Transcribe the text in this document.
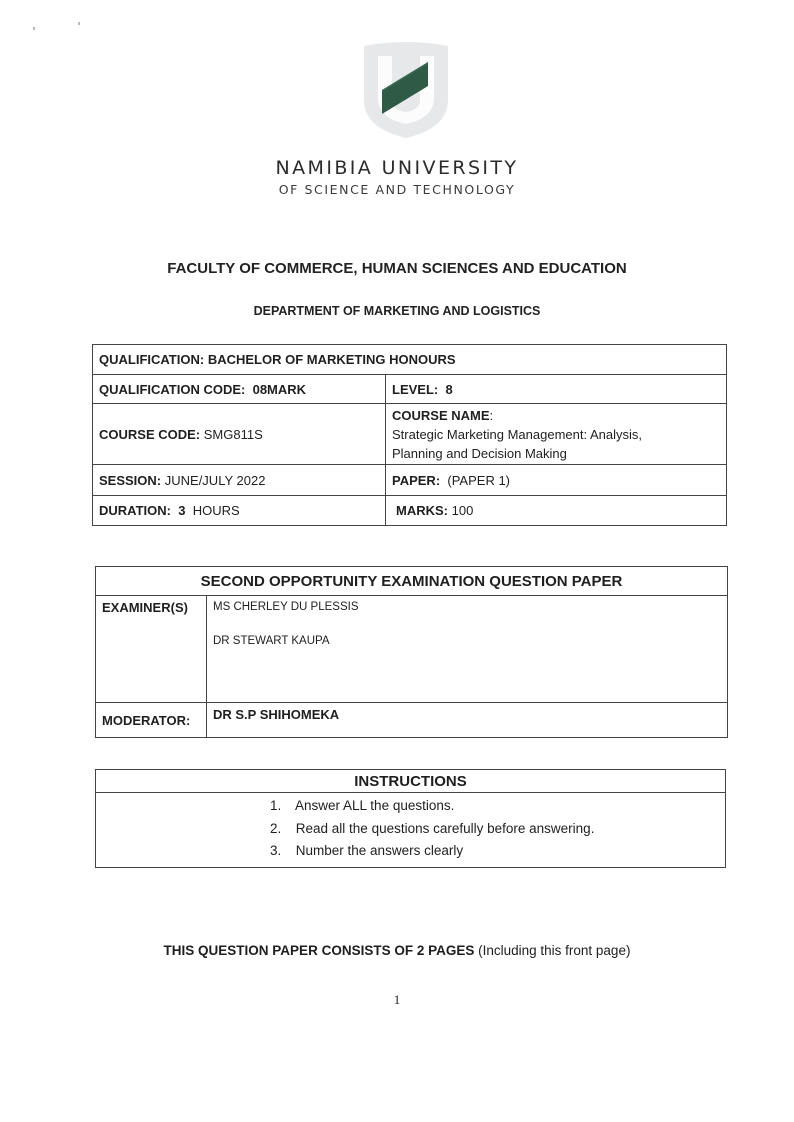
NAMIBIA UNIVERSITY
OF SCIENCE AND TECHNOLOGY
FACULTY OF COMMERCE, HUMAN SCIENCES AND EDUCATION
DEPARTMENT OF MARKETING AND LOGISTICS
QUALIFICATION: BACHELOR OF MARKETING HONOURS	
QUALIFICATION CODE: 08MARK	LEVEL: 8
COURSE CODE: SMG811S	COURSE NAME:
Strategic Marketing Management: Analysis,
Planning and Decision Making
SESSION: JUNE/JULY 2022	PAPER: (PAPER 1)
DURATION: 3 HOURS	MARKS: 100
SECOND OPPORTUNITY EXAMINATION QUESTION PAPER	
EXAMINER(S)	MS CHERLEY DU PLESSIS
DR STEWART KAUPA

MODERATOR:	DR S.P SHIHOMEKA
INSTRUCTIONS

1. Answer ALL the questions.
2. Read all the questions carefully before answering.
3. Number the answers clearly
THIS QUESTION PAPER CONSISTS OF 2 PAGES (Including this front page)
1
